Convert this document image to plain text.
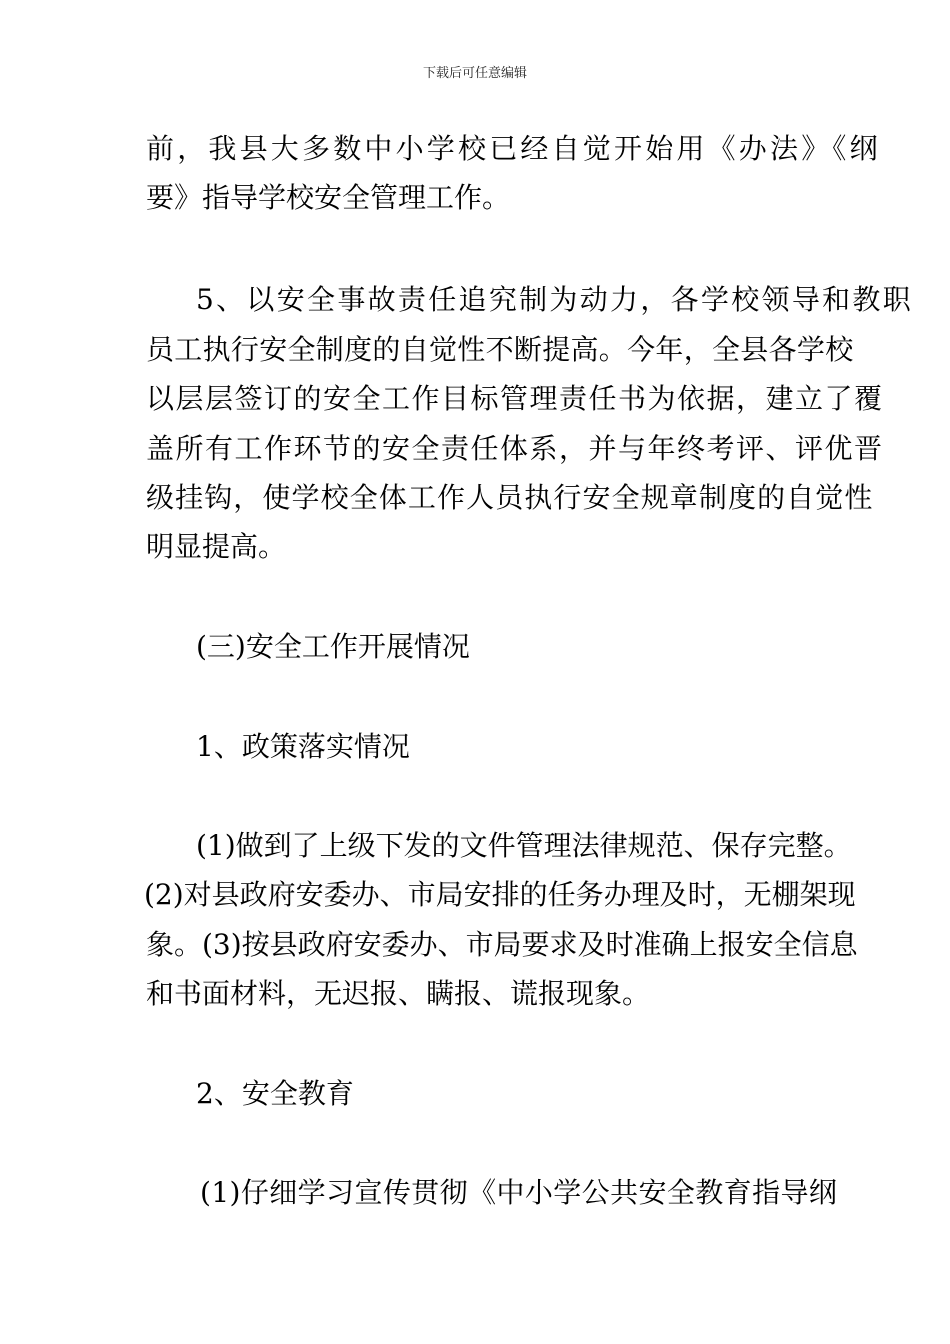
下载后可任意编辑
前，我县大多数中小学校已经自觉开始用《办法》《纲
要》指导学校安全管理工作。
5、以安全事故责任追究制为动力，各学校领导和教职
员工执行安全制度的自觉性不断提高。今年，全县各学校
以层层签订的安全工作目标管理责任书为依据，建立了覆
盖所有工作环节的安全责任体系，并与年终考评、评优晋
级挂钩，使学校全体工作人员执行安全规章制度的自觉性
明显提高。
(三)安全工作开展情况
1、政策落实情况
(1)做到了上级下发的文件管理法律规范、保存完整。
(2)对县政府安委办、市局安排的任务办理及时，无棚架现
象。(3)按县政府安委办、市局要求及时准确上报安全信息
和书面材料，无迟报、瞒报、谎报现象。
2、安全教育
(1)仔细学习宣传贯彻《中小学公共安全教育指导纲
